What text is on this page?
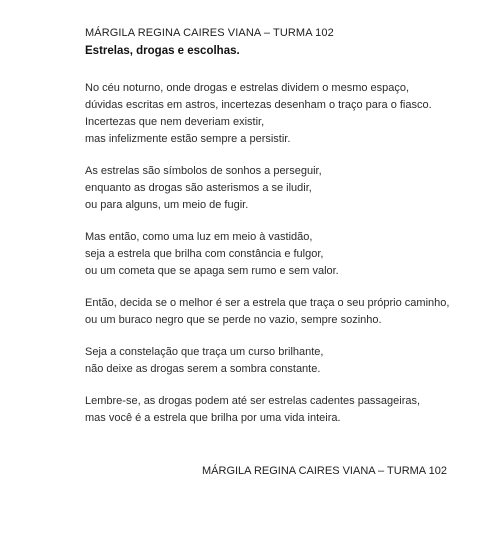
MÁRGILA REGINA CAIRES VIANA – TURMA 102
Estrelas, drogas e escolhas.
No céu noturno, onde drogas e estrelas dividem o mesmo espaço,
dúvidas escritas em astros, incertezas desenham o traço para o fiasco.
Incertezas que nem deveriam existir,
mas infelizmente estão sempre a persistir.
As estrelas são símbolos de sonhos a perseguir,
enquanto as drogas são asterismos a se iludir,
ou para alguns, um meio de fugir.
Mas então, como uma luz em meio à vastidão,
seja a estrela que brilha com constância e fulgor,
ou um cometa que se apaga sem rumo e sem valor.
Então, decida se o melhor é ser a estrela que traça o seu próprio caminho,
ou um buraco negro que se perde no vazio, sempre sozinho.
Seja a constelação que traça um curso brilhante,
não deixe as drogas serem a sombra constante.
Lembre-se, as drogas podem até ser estrelas cadentes passageiras,
mas você é a estrela que brilha por uma vida inteira.
MÁRGILA REGINA CAIRES VIANA – TURMA 102
